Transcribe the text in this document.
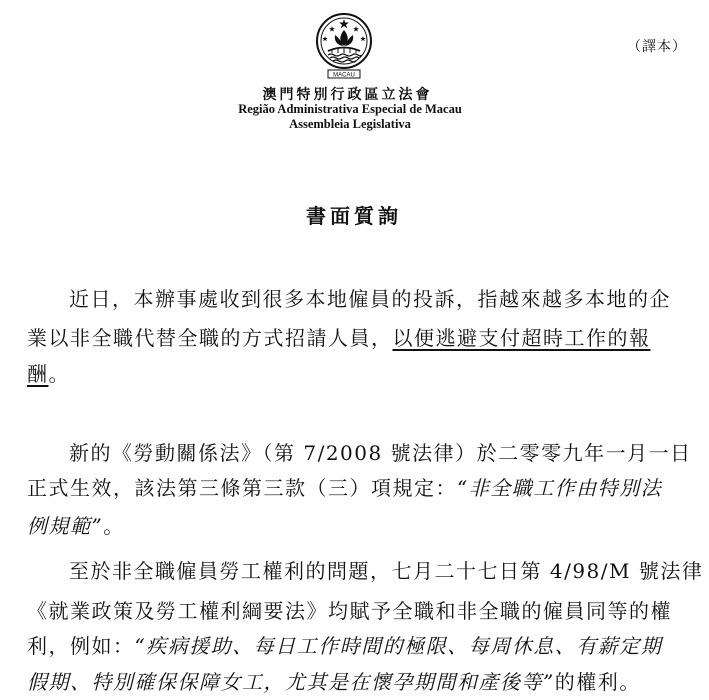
MACAU
（譯本）
澳門特別行政區立法會
Região Administrativa Especial de Macau
Assembleia Legislativa
書面質詢
近日，本辦事處收到很多本地僱員的投訴，指越來越多本地的企
業以非全職代替全職的方式招請人員，以便逃避支付超時工作的報
酬。
新的《勞動關係法》（第 7/2008 號法律）於二零零九年一月一日
正式生效，該法第三條第三款（三）項規定：“非全職工作由特別法
例規範”。
至於非全職僱員勞工權利的問題，七月二十七日第 4/98/M 號法律
《就業政策及勞工權利綱要法》均賦予全職和非全職的僱員同等的權
利，例如：“疾病援助、每日工作時間的極限、每周休息、有薪定期
假期、特別確保保障女工，尤其是在懷孕期間和產後等”的權利。
